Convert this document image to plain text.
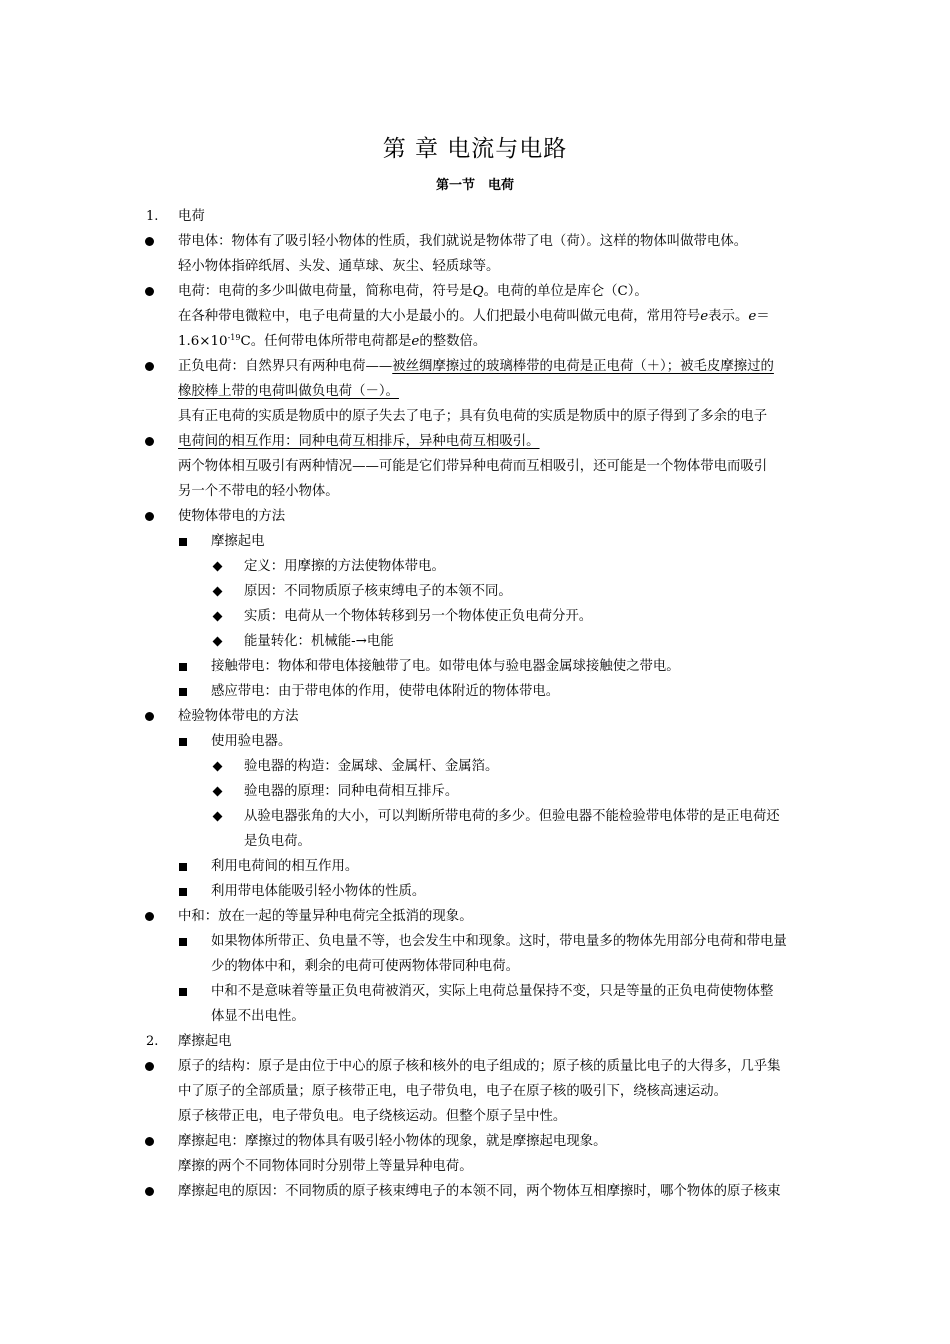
第 章 电流与电路
第一节　电荷
1. 电荷
带电体：物体有了吸引轻小物体的性质，我们就说是物体带了电（荷）。这样的物体叫做带电体。
轻小物体指碎纸屑、头发、通草球、灰尘、轻质球等。
电荷：电荷的多少叫做电荷量，简称电荷，符号是Q。电荷的单位是库仑（C）。
在各种带电微粒中，电子电荷量的大小是最小的。人们把最小电荷叫做元电荷，常用符号e表示。e＝
$1.6\times 10^{-19}C$。任何带电体所带电荷都是e的整数倍。
正负电荷：自然界只有两种电荷——被丝绸摩擦过的玻璃棒带的电荷是正电荷（＋）；被毛皮摩擦过的
橡胶棒上带的电荷叫做负电荷（－）。
具有正电荷的实质是物质中的原子失去了电子；具有负电荷的实质是物质中的原子得到了多余的电子
电荷间的相互作用：同种电荷互相排斥，异种电荷互相吸引。
两个物体相互吸引有两种情况——可能是它们带异种电荷而互相吸引，还可能是一个物体带电而吸引
另一个不带电的轻小物体。
使物体带电的方法
摩擦起电
定义：用摩擦的方法使物体带电。
原因：不同物质原子核束缚电子的本领不同。
实质：电荷从一个物体转移到另一个物体使正负电荷分开。
能量转化：机械能-→电能
接触带电：物体和带电体接触带了电。如带电体与验电器金属球接触使之带电。
感应带电：由于带电体的作用，使带电体附近的物体带电。
检验物体带电的方法
使用验电器。
验电器的构造：金属球、金属杆、金属箔。
验电器的原理：同种电荷相互排斥。
从验电器张角的大小，可以判断所带电荷的多少。但验电器不能检验带电体带的是正电荷还
是负电荷。
利用电荷间的相互作用。
利用带电体能吸引轻小物体的性质。
中和：放在一起的等量异种电荷完全抵消的现象。
如果物体所带正、负电量不等，也会发生中和现象。这时，带电量多的物体先用部分电荷和带电量
少的物体中和，剩余的电荷可使两物体带同种电荷。
中和不是意味着等量正负电荷被消灭，实际上电荷总量保持不变，只是等量的正负电荷使物体整
体显不出电性。
2. 摩擦起电
原子的结构：原子是由位于中心的原子核和核外的电子组成的；原子核的质量比电子的大得多，几乎集
中了原子的全部质量；原子核带正电，电子带负电，电子在原子核的吸引下，绕核高速运动。
原子核带正电，电子带负电。电子绕核运动。但整个原子呈中性。
摩擦起电：摩擦过的物体具有吸引轻小物体的现象，就是摩擦起电现象。
摩擦的两个不同物体同时分别带上等量异种电荷。
摩擦起电的原因：不同物质的原子核束缚电子的本领不同，两个物体互相摩擦时，哪个物体的原子核束
